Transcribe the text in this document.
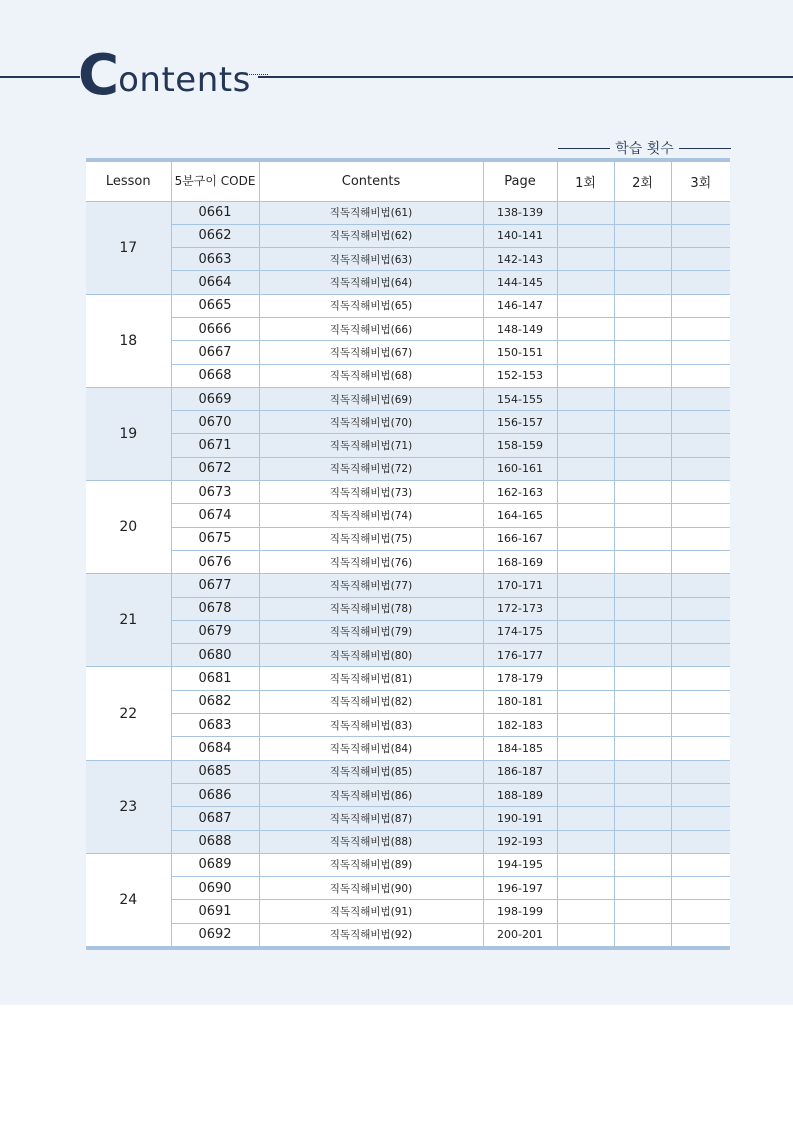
C ontents
학습 횟수
Lesson	5분구이 CODE	Contents	Page	1회	2회	3회
17	0661	직독직해비법(61)	138-139			
	0662	직독직해비법(62)	140-141			
	0663	직독직해비법(63)	142-143			
	0664	직독직해비법(64)	144-145			
18	0665	직독직해비법(65)	146-147			
	0666	직독직해비법(66)	148-149			
	0667	직독직해비법(67)	150-151			
	0668	직독직해비법(68)	152-153			
19	0669	직독직해비법(69)	154-155			
	0670	직독직해비법(70)	156-157			
	0671	직독직해비법(71)	158-159			
	0672	직독직해비법(72)	160-161			
20	0673	직독직해비법(73)	162-163			
	0674	직독직해비법(74)	164-165			
	0675	직독직해비법(75)	166-167			
	0676	직독직해비법(76)	168-169			
21	0677	직독직해비법(77)	170-171			
	0678	직독직해비법(78)	172-173			
	0679	직독직해비법(79)	174-175			
	0680	직독직해비법(80)	176-177			
22	0681	직독직해비법(81)	178-179			
	0682	직독직해비법(82)	180-181			
	0683	직독직해비법(83)	182-183			
	0684	직독직해비법(84)	184-185			
23	0685	직독직해비법(85)	186-187			
	0686	직독직해비법(86)	188-189			
	0687	직독직해비법(87)	190-191			
	0688	직독직해비법(88)	192-193			
24	0689	직독직해비법(89)	194-195			
	0690	직독직해비법(90)	196-197			
	0691	직독직해비법(91)	198-199			
	0692	직독직해비법(92)	200-201			
